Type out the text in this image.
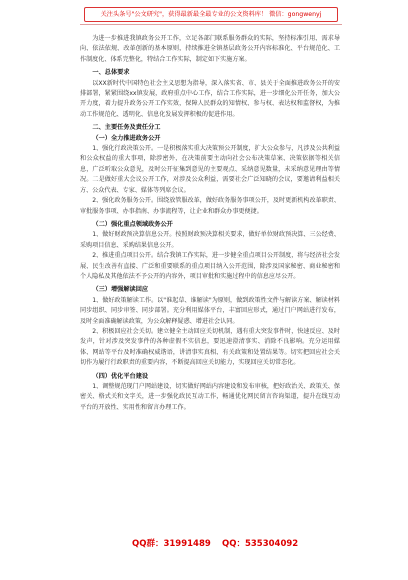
关注头条号"公文研究"，获得最新最全最专业的公文资料库！ 微信：gongwenyj

为进一步推进我镇政务公开工作，立足各部门联系服务群众的实际，坚持标准引用、需求导向、依法依规、改革创新的基本原则，持续推进全镇基层政务公开内容标准化、平台规范化、工作制度化、体系完整化，特结合工作实际，制定如下实施方案。

一、总体要求

以XX新时代中国特色社会主义思想为指导，深入落实省、市、县关于全面推进政务公开的安排部署，紧紧围绕xx镇发展，政府重点中心工作，结合工作实际，进一步细化公开任务，加大公开力度，着力提升政务公开工作实效，保障人民群众的知情权、参与权、表达权和监督权，为推动工作规范化、透明化、信息化发展发挥积极的促进作用。

二、主要任务及责任分工
（一）全力推进政务公开

1、强化行政决策公开。一是积极落实重大决策预公开制度，扩大公众参与，凡涉及公共利益和公众权益的重大事项，除涉密外，在决策前要主动向社会公布决策草案、决策依据等相关信息，广泛听取公众意见，及时公开征集到意见的主要观点、采纳意见数量，未采纳意见理由等情况。二是做好重大会议公开工作，对涉及公众利益，需要社会广泛知晓的会议，要邀请利益相关方、公众代表、专家、媒体等列席会议。

2、强化政务服务公开。围绕放管服改革，做好政务服务事项公开，及时更新机构改革职责、审批服务事项、办事指南、办事流程等，让企业和群众办事更便捷。

（二）强化重点领域政务公开

1、做好财政预决算信息公开。按照财政预决算相关要求，做好单位财政预决算、三公经费、采购项目信息、采购结果信息公开。

2、推进重点项目公开。结合我镇工作实际，进一步健全重点项目公开制度，将与经济社会发展、民生改善有直接、广泛和重要联系的重点项目纳入公开范围，除涉及国家秘密、商业秘密和个人隐私及其他依法不予公开的内容外，项目审批和实施过程中的信息应尽公开。

（三）增强解读回应

1、做好政策解读工作。以"谁起草、谁解读"为原则，做到政策性文件与解读方案、解读材料同步组织、同步审签、同步部署。充分利用媒体平台，丰富回应形式，通过门户网站进行发布，及时全面准确解读政策，为公众解释疑惑、增进社会认同。

2、积极回应社会关切。建立健全主动回应关切机制，遇有重大突发事件时，快速反应、及时发声，针对涉及突发事件的各种虚假不实信息，要迅速澄清事实、消除不良影响。充分运用媒体、网站等平台及时准确权威谐语，讲清事实真相、有关政策和处置结果等。切实把回应社会关切作为履行行政职责的重要内容，不断提高回应关切能力，实现回应关切常态化。

（四）优化平台建设

1、调整规范现门户网站建设，切实做好网站内容建设和发布审核，把好政治关、政策关、保密关、格式关和文字关，进一步强化政民互动工作，畅通优化网民留言咨询渠道，提升在线互动平台的开放性、实用性和留言办理工作。

QQ群：31991489 QQ：535304092
